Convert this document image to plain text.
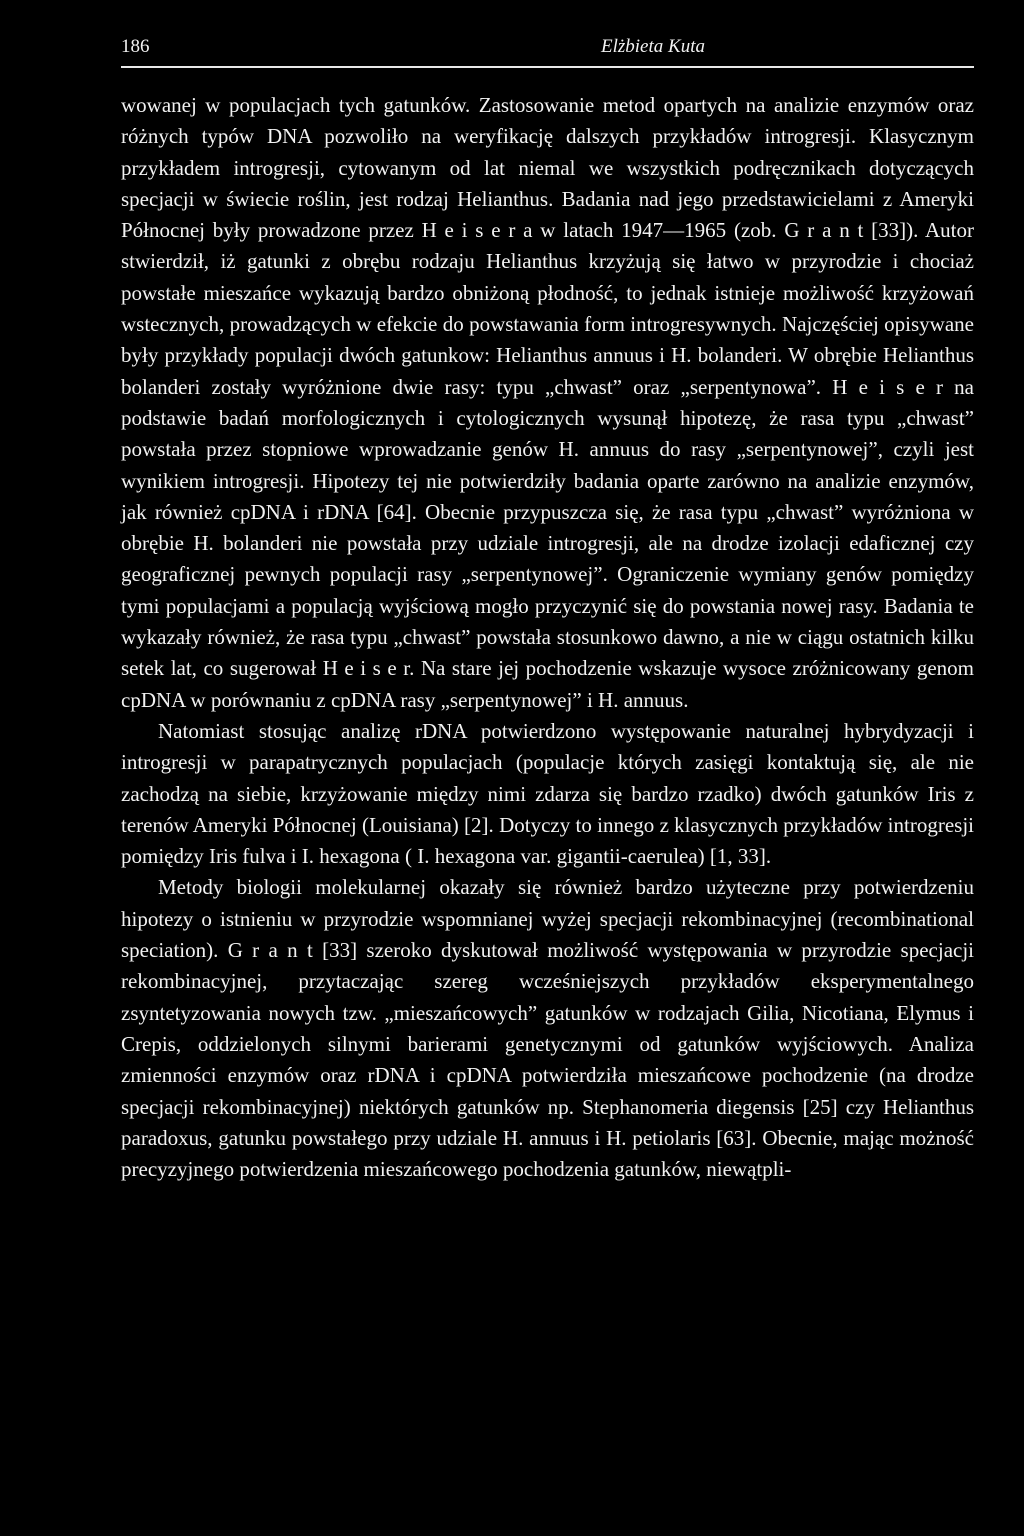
186	Elżbieta Kuta

wowanej w populacjach tych gatunków. Zastosowanie metod opartych na analizie enzymów oraz różnych typów DNA pozwoliło na weryfikację dalszych przykładów introgresji. Klasycznym przykładem introgresji, cytowanym od lat niemal we wszystkich podręcznikach dotyczących specjacji w świecie roślin, jest rodzaj Helianthus. Badania nad jego przedstawicielami z Ameryki Północnej były prowadzone przez H e i s e r a w latach 1947—1965 (zob. G r a n t [33]). Autor stwierdził, iż gatunki z obrębu rodzaju Helianthus krzyżują się łatwo w przyrodzie i chociaż powstałe mieszańce wykazują bardzo obniżoną płodność, to jednak istnieje możliwość krzyżowań wstecznych, prowadzących w efekcie do powstawania form introgresywnych. Najczęściej opisywane były przykłady populacji dwóch gatunkow: Helianthus annuus i H. bolanderi. W obrębie Helianthus bolanderi zostały wyróżnione dwie rasy: typu „chwast” oraz „serpentynowa”. H e i s e r na podstawie badań morfologicznych i cytologicznych wysunął hipotezę, że rasa typu „chwast” powstała przez stopniowe wprowadzanie genów H. annuus do rasy „serpentynowej”, czyli jest wynikiem introgresji. Hipotezy tej nie potwierdziły badania oparte zarówno na analizie enzymów, jak również cpDNA i rDNA [64]. Obecnie przypuszcza się, że rasa typu „chwast” wyróżniona w obrębie H. bolanderi nie powstała przy udziale introgresji, ale na drodze izolacji edaficznej czy geograficznej pewnych populacji rasy „serpentynowej”. Ograniczenie wymiany genów pomiędzy tymi populacjami a populacją wyjściową mogło przyczynić się do powstania nowej rasy. Badania te wykazały również, że rasa typu „chwast” powstała stosunkowo dawno, a nie w ciągu ostatnich kilku setek lat, co sugerował H e i s e r. Na stare jej pochodzenie wskazuje wysoce zróżnicowany genom cpDNA w porównaniu z cpDNA rasy „serpentynowej” i H. annuus.

Natomiast stosując analizę rDNA potwierdzono występowanie naturalnej hybrydyzacji i introgresji w parapatrycznych populacjach (populacje których zasięgi kontaktują się, ale nie zachodzą na siebie, krzyżowanie między nimi zdarza się bardzo rzadko) dwóch gatunków Iris z terenów Ameryki Północnej (Louisiana) [2]. Dotyczy to innego z klasycznych przykładów introgresji pomiędzy Iris fulva i I. hexagona ( I. hexagona var. gigantii-caerulea) [1, 33].

Metody biologii molekularnej okazały się również bardzo użyteczne przy potwierdzeniu hipotezy o istnieniu w przyrodzie wspomnianej wyżej specjacji rekombinacyjnej (recombinational speciation). G r a n t [33] szeroko dyskutował możliwość występowania w przyrodzie specjacji rekombinacyjnej, przytaczając szereg wcześniejszych przykładów eksperymentalnego zsyntetyzowania nowych tzw. „mieszańcowych” gatunków w rodzajach Gilia, Nicotiana, Elymus i Crepis, oddzielonych silnymi barierami genetycznymi od gatunków wyjściowych. Analiza zmienności enzymów oraz rDNA i cpDNA potwierdziła mieszańcowe pochodzenie (na drodze specjacji rekombinacyjnej) niektórych gatunków np. Stephanomeria diegensis [25] czy Helianthus paradoxus, gatunku powstałego przy udziale H. annuus i H. petiolaris [63]. Obecnie, mając możność precyzyjnego potwierdzenia mieszańcowego pochodzenia gatunków, niewątpli-
